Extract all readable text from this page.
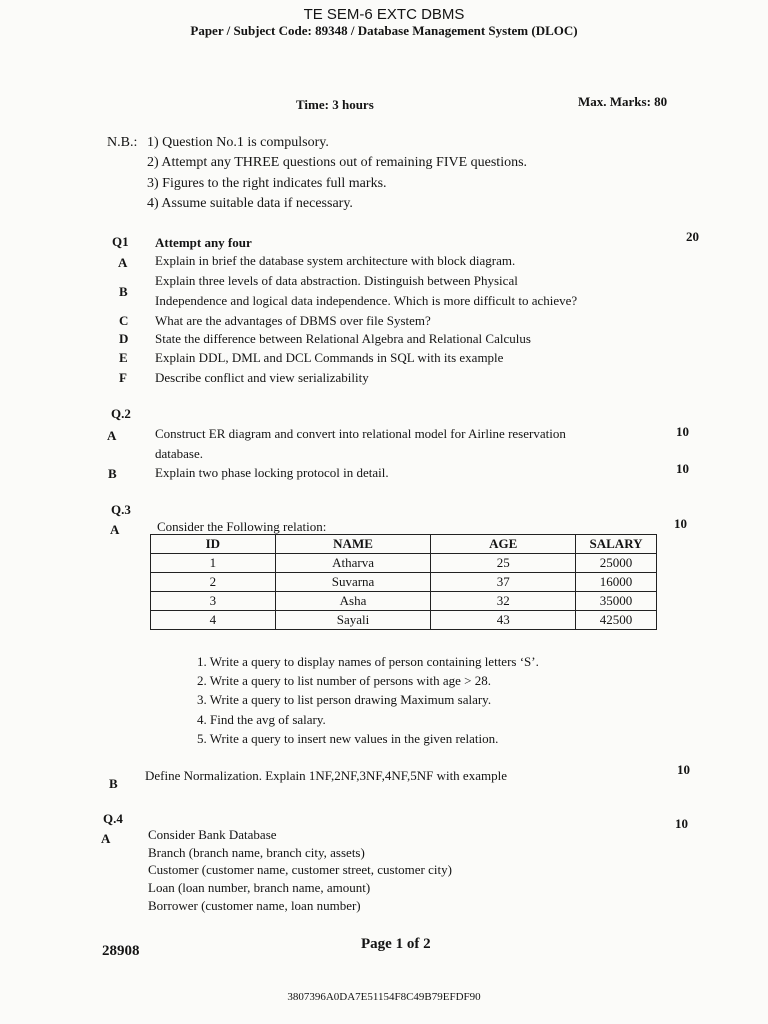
TE SEM-6 EXTC DBMS
Paper / Subject Code: 89348 / Database Management System (DLOC)
Time: 3 hours	Max. Marks: 80
N.B.: 1) Question No.1 is compulsory.
2) Attempt any THREE questions out of remaining FIVE questions.
3) Figures to the right indicates full marks.
4) Assume suitable data if necessary.
Q1 Attempt any four	20
A Explain in brief the database system architecture with block diagram.
B
Explain three levels of data abstraction. Distinguish between Physical
Independence and logical data independence. Which is more difficult to achieve?
C What are the advantages of DBMS over file System?
D State the difference between Relational Algebra and Relational Calculus
E Explain DDL, DML and DCL Commands in SQL with its example
F Describe conflict and view serializability
Q.2
A	Construct ER diagram and convert into relational model for Airline reservation
database.
10
B	Explain two phase locking protocol in detail.	10
Q.3
A	Consider the Following relation:	10
ID	NAME	AGE	SALARY
1	Atharva	25	25000
2	Suvarna	37	16000
3	Asha	32	35000
4	Sayali	43	42500
1. Write a query to display names of person containing letters ‘S’.
2. Write a query to list number of persons with age > 28.
3. Write a query to list person drawing Maximum salary.
4. Find the avg of salary.
5. Write a query to insert new values in the given relation.
B
Define Normalization. Explain 1NF,2NF,3NF,4NF,5NF with example	10
Q.4
A
10
Consider Bank Database
Branch (branch name, branch city, assets)
Customer (customer name, customer street, customer city)
Loan (loan number, branch name, amount)
Borrower (customer name, loan number)
28908	Page 1 of 2
3807396A0DA7E51154F8C49B79EFDF90
